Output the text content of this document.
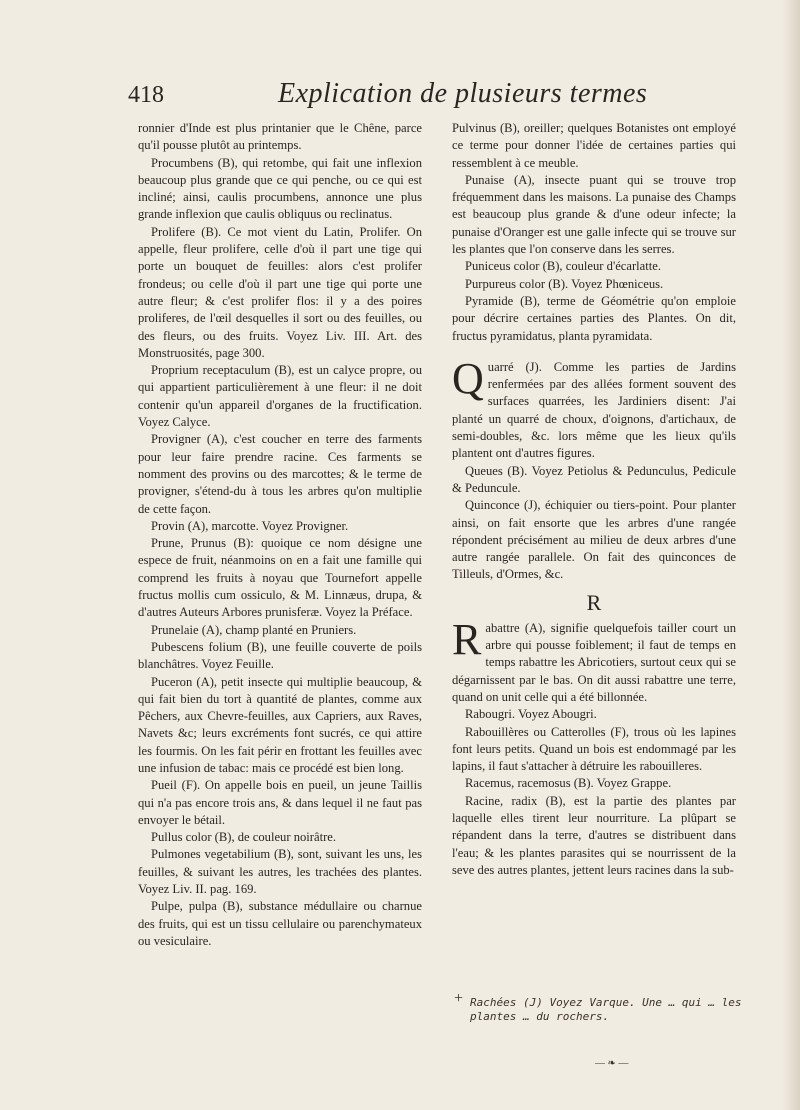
418	Explication de plusieurs termes

ronnier d'Inde est plus printanier que le Chêne, parce qu'il pousse plutôt au printemps.

Procumbens (B), qui retombe, qui fait une inflexion beaucoup plus grande que ce qui penche, ou ce qui est incliné; ainsi, caulis procumbens, annonce une plus grande inflexion que caulis obliquus ou reclinatus.

Prolifere (B). Ce mot vient du Latin, Prolifer. On appelle, fleur prolifere, celle d'où il part une tige qui porte un bouquet de feuilles: alors c'est prolifer frondeus; ou celle d'où il part une tige qui porte une autre fleur; & c'est prolifer flos: il y a des poires proliferes, de l'œil desquelles il sort ou des feuilles, ou des fleurs, ou des fruits. Voyez Liv. III. Art. des Monstruosités, page 300.

Proprium receptaculum (B), est un calyce propre, ou qui appartient particulièrement à une fleur: il ne doit contenir qu'un appareil d'organes de la fructification. Voyez Calyce.

Provigner (A), c'est coucher en terre des farments pour leur faire prendre racine. Ces farments se nomment des provins ou des marcottes; & le terme de provigner, s'étend-du à tous les arbres qu'on multiplie de cette façon.

Provin (A), marcotte. Voyez Provigner.

Prune, Prunus (B): quoique ce nom désigne une espece de fruit, néanmoins on en a fait une famille qui comprend les fruits à noyau que Tournefort appelle fructus mollis cum ossiculo, & M. Linnæus, drupa, & d'autres Auteurs Arbores prunisferæ. Voyez la Préface.

Prunelaie (A), champ planté en Pruniers.

Pubescens folium (B), une feuille couverte de poils blanchâtres. Voyez Feuille.

Puceron (A), petit insecte qui multiplie beaucoup, & qui fait bien du tort à quantité de plantes, comme aux Pêchers, aux Chevre-feuilles, aux Capriers, aux Raves, Navets &c; leurs excréments font sucrés, ce qui attire les fourmis. On les fait périr en frottant les feuilles avec une infusion de tabac: mais ce procédé est bien long.

Pueil (F). On appelle bois en pueil, un jeune Taillis qui n'a pas encore trois ans, & dans lequel il ne faut pas envoyer le bétail.

Pullus color (B), de couleur noirâtre.

Pulmones vegetabilium (B), sont, suivant les uns, les feuilles, & suivant les autres, les trachées des plantes. Voyez Liv. II. pag. 169.

Pulpe, pulpa (B), substance médullaire ou charnue des fruits, qui est un tissu cellulaire ou parenchymateux ou vesiculaire.

Pulvinus (B), oreiller; quelques Botanistes ont employé ce terme pour donner l'idée de certaines parties qui ressemblent à ce meuble.

Punaise (A), insecte puant qui se trouve trop fréquemment dans les maisons. La punaise des Champs est beaucoup plus grande & d'une odeur infecte; la punaise d'Oranger est une galle infecte qui se trouve sur les plantes que l'on conserve dans les serres.

Puniceus color (B), couleur d'écarlatte.

Purpureus color (B). Voyez Phœniceus.

Pyramide (B), terme de Géométrie qu'on emploie pour décrire certaines parties des Plantes. On dit, fructus pyramidatus, planta pyramidata.

Quarré (J). Comme les parties de Jardins renfermées par des allées forment souvent des surfaces quarrées, les Jardiniers disent: J'ai planté un quarré de choux, d'oignons, d'artichaux, de semi-doubles, &c. lors même que les lieux qu'ils plantent ont d'autres figures.

Queues (B). Voyez Petiolus & Pedunculus, Pedicule & Peduncule.

Quinconce (J), échiquier ou tiers-point. Pour planter ainsi, on fait ensorte que les arbres d'une rangée répondent précisément au milieu de deux arbres d'une autre rangée parallele. On fait des quinconces de Tilleuls, d'Ormes, &c.

R

Rabattre (A), signifie quelquefois tailler court un arbre qui pousse foiblement; il faut de temps en temps rabattre les Abricotiers, surtout ceux qui se dégarnissent par le bas. On dit aussi rabattre une terre, quand on unit celle qui a été billonnée.

Rabougri. Voyez Abougri.

Rabouillères ou Catterolles (F), trous où les lapines font leurs petits. Quand un bois est endommagé par les lapins, il faut s'attacher à détruire les rabouilleres.

Racemus, racemosus (B). Voyez Grappe.

Racine, radix (B), est la partie des plantes par laquelle elles tirent leur nourriture. La plûpart se répandent dans la terre, d'autres se distribuent dans l'eau; & les plantes parasites qui se nourrissent de la seve des autres plantes, jettent leurs racines dans la sub-

+ Rachées (J) Voyez Varque. Une … qui … les plantes … du rochers.
— ❧ —
